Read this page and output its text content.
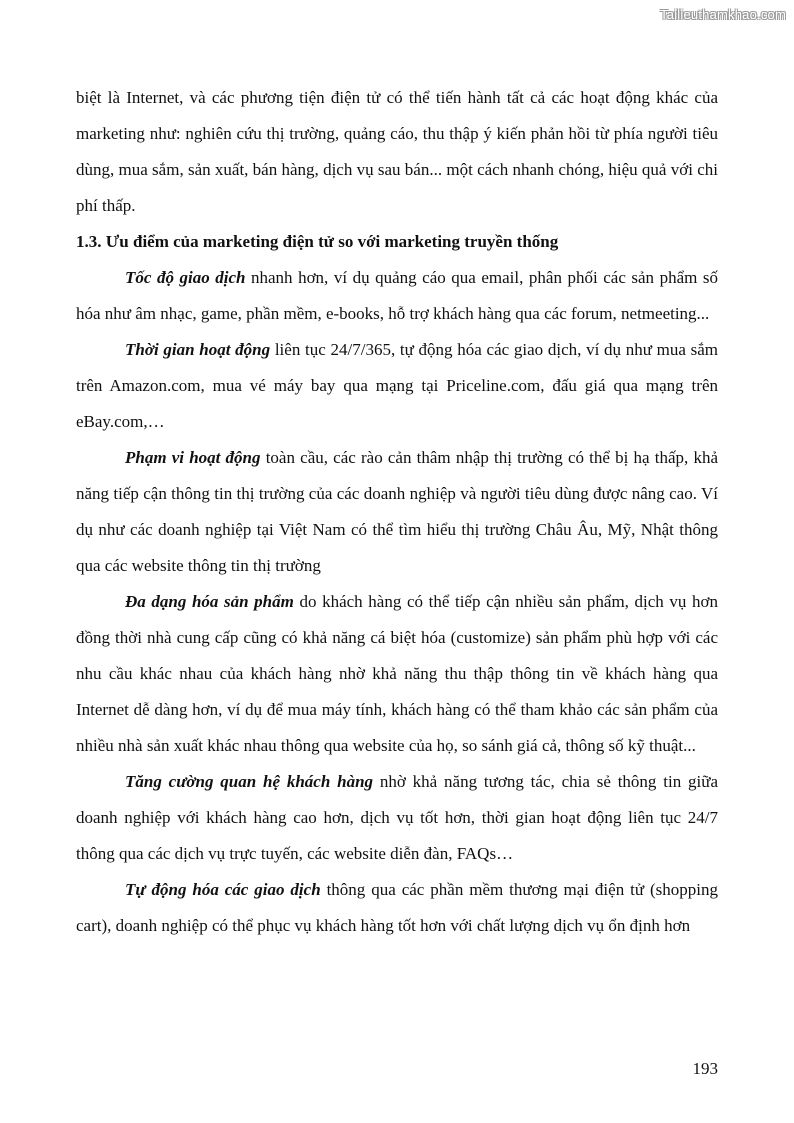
Tailieuthamkhao.com

biệt là Internet, và các phương tiện điện tử có thể tiến hành tất cả các hoạt động khác của marketing như: nghiên cứu thị trường, quảng cáo, thu thập ý kiến phản hồi từ phía người tiêu dùng, mua sắm, sản xuất, bán hàng, dịch vụ sau bán... một cách nhanh chóng, hiệu quả với chi phí thấp.

1.3. Ưu điểm của marketing điện tử so với marketing truyền thống

Tốc độ giao dịch nhanh hơn, ví dụ quảng cáo qua email, phân phối các sản phẩm số hóa như âm nhạc, game, phần mềm, e-books, hỗ trợ khách hàng qua các forum, netmeeting...

Thời gian hoạt động liên tục 24/7/365, tự động hóa các giao dịch, ví dụ như mua sắm trên Amazon.com, mua vé máy bay qua mạng tại Priceline.com, đấu giá qua mạng trên eBay.com,…

Phạm vi hoạt động toàn cầu, các rào cản thâm nhập thị trường có thể bị hạ thấp, khả năng tiếp cận thông tin thị trường của các doanh nghiệp và người tiêu dùng được nâng cao. Ví dụ như các doanh nghiệp tại Việt Nam có thể tìm hiểu thị trường Châu Âu, Mỹ, Nhật thông qua các website thông tin thị trường

Đa dạng hóa sản phẩm do khách hàng có thể tiếp cận nhiều sản phẩm, dịch vụ hơn đồng thời nhà cung cấp cũng có khả năng cá biệt hóa (customize) sản phẩm phù hợp với các nhu cầu khác nhau của khách hàng nhờ khả năng thu thập thông tin về khách hàng qua Internet dễ dàng hơn, ví dụ để mua máy tính, khách hàng có thể tham khảo các sản phẩm của nhiều nhà sản xuất khác nhau thông qua website của họ, so sánh giá cả, thông số kỹ thuật...

Tăng cường quan hệ khách hàng nhờ khả năng tương tác, chia sẻ thông tin giữa doanh nghiệp với khách hàng cao hơn, dịch vụ tốt hơn, thời gian hoạt động liên tục 24/7 thông qua các dịch vụ trực tuyến, các website diễn đàn, FAQs…

Tự động hóa các giao dịch thông qua các phần mềm thương mại điện tử (shopping cart), doanh nghiệp có thể phục vụ khách hàng tốt hơn với chất lượng dịch vụ ổn định hơn

193
